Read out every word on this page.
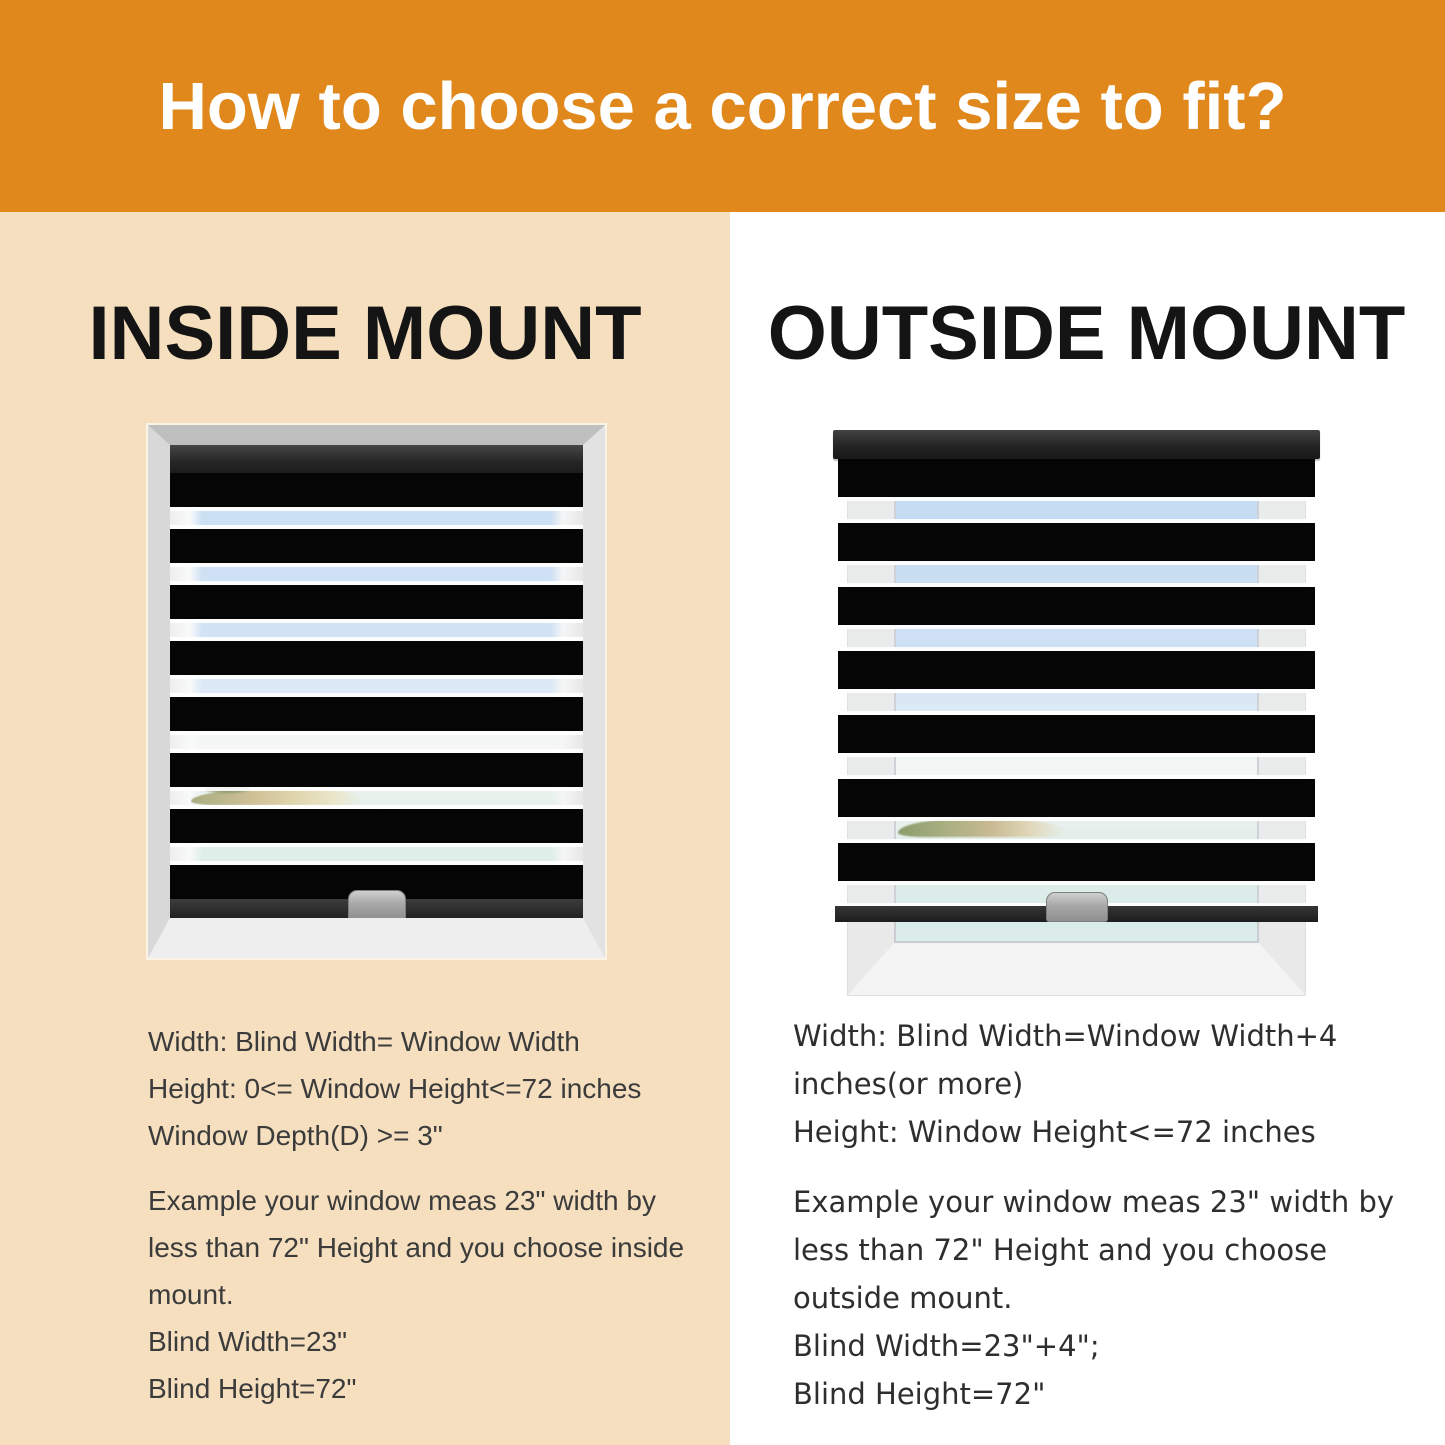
How to choose a correct size to fit?
INSIDE MOUNT	OUTSIDE MOUNT

Width: Blind Width= Window Width

Height: 0<= Window Height<=72 inches

Window Depth(D) >= 3"

Example your window meas 23" width by

less than 72" Height and you choose inside

mount.

Blind Width=23"

Blind Height=72"

Width: Blind Width=Window Width+4

inches(or more)

Height: Window Height<=72 inches

Example your window meas 23" width by

less than 72" Height and you choose

outside mount.

Blind Width=23"+4";

Blind Height=72"
